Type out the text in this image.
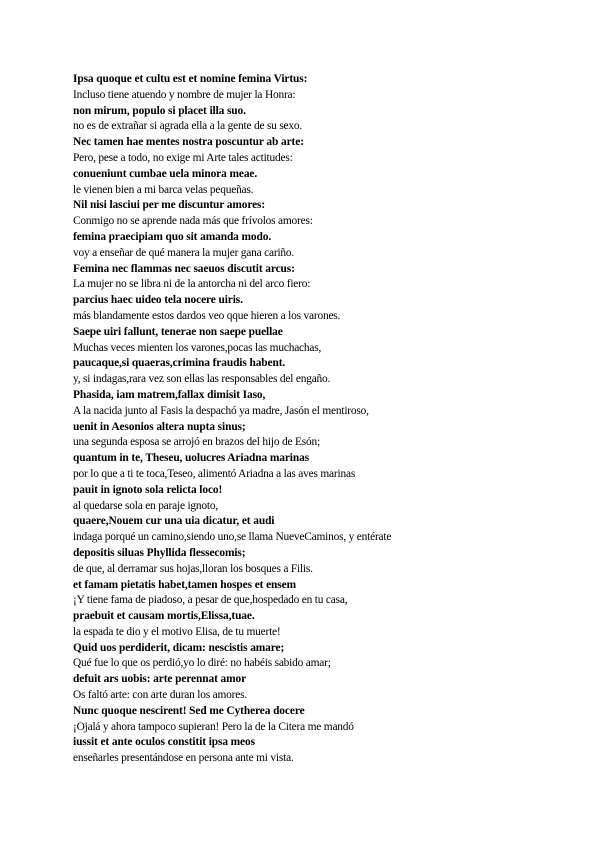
Ipsa quoque et cultu est et nomine femina Virtus:
Incluso tiene atuendo y nombre de mujer la Honra:
non mirum, populo si placet illa suo.
no es de extrañar si agrada ella a la gente de su sexo.
Nec tamen hae mentes nostra poscuntur ab arte:
Pero, pese a todo, no exige mi Arte tales actitudes:
conueniunt cumbae uela minora meae.
le vienen bien a mi barca velas pequeñas.
Nil nisi lasciui per me discuntur amores:
Conmigo no se aprende nada más que frívolos amores:
femina praecipiam quo sit amanda modo.
voy a enseñar de qué manera la mujer gana cariño.
Femina nec flammas nec saeuos discutit arcus:
La mujer no se libra ni de la antorcha ni del arco fiero:
parcius haec uideo tela nocere uiris.
más blandamente estos dardos veo qque hieren a los varones.
Saepe uiri fallunt, tenerae non saepe puellae
Muchas veces mienten los varones,pocas las muchachas,
paucaque,si quaeras,crimina fraudis habent.
y, si indagas,rara vez son ellas las responsables del engaño.
Phasida, iam matrem,fallax dimisit Iaso,
A la nacida junto al Fasis la despachó ya madre, Jasón el mentiroso,
uenit in Aesonios altera nupta sinus;
una segunda esposa se arrojó en brazos del hijo de Esón;
quantum in te, Theseu, uolucres Ariadna marinas
por lo que a ti te toca,Teseo, alimentó Ariadna a las aves marinas
pauit in ignoto sola relicta loco!
al quedarse sola en paraje ignoto,
quaere,Nouem cur una uia dicatur, et audi
indaga porqué un camino,siendo uno,se llama NueveCaminos, y entérate
depositis siluas Phyllida flessecomis;
de que, al derramar sus hojas,lloran los bosques a Filis.
et famam pietatis habet,tamen hospes et ensem
¡Y tiene fama de piadoso, a pesar de que,hospedado en tu casa,
praebuit et causam mortis,Elissa,tuae.
la espada te dio y el motivo Elisa, de tu muerte!
Quid uos perdiderit, dicam: nescistis amare;
Qué fue lo que os perdió,yo lo diré: no habéis sabido amar;
defuit ars uobis: arte perennat amor
Os faltó arte: con arte duran los amores.
Nunc quoque nescirent! Sed me Cytherea docere
¡Ojalá y ahora tampoco supieran! Pero la de la Citera me mandó
iussit et ante oculos constitit ipsa meos
enseñarles presentándose en persona ante mi vista.
